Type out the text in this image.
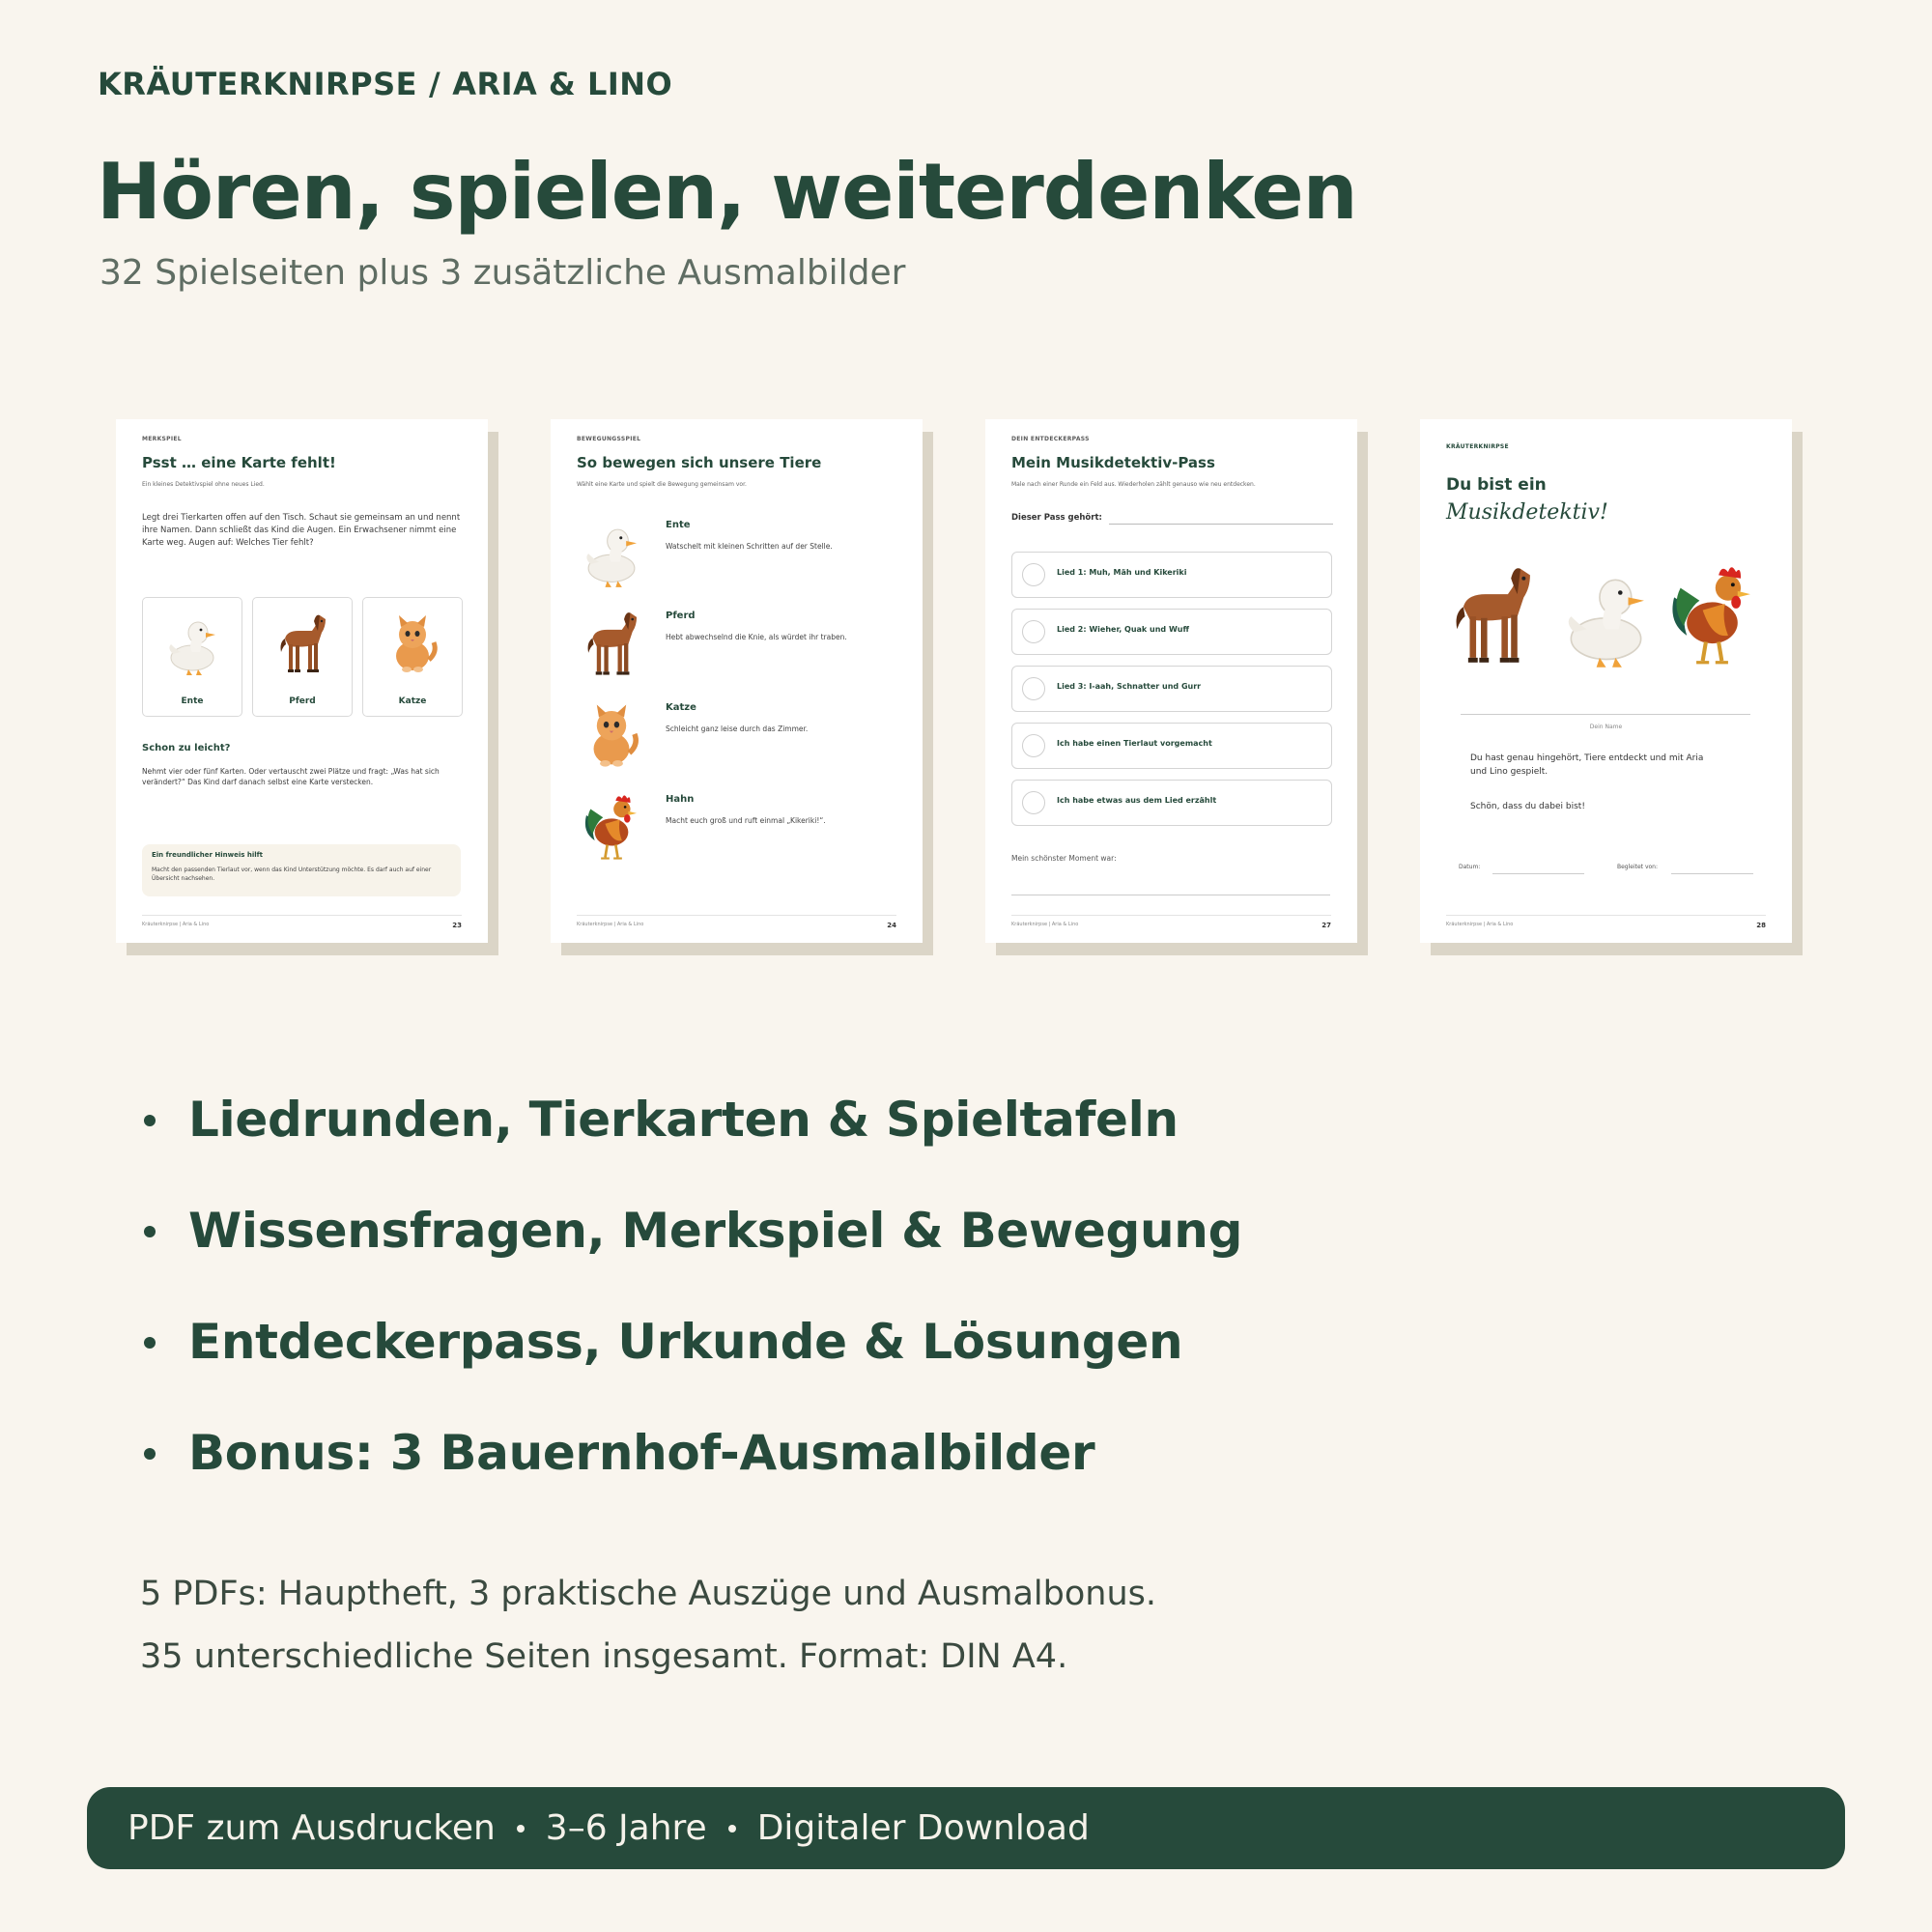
KRÄUTERKNIRPSE / ARIA & LINO
Hören, spielen, weiterdenken
32 Spielseiten plus 3 zusätzliche Ausmalbilder
MERKSPIEL
Psst … eine Karte fehlt!
Ein kleines Detektivspiel ohne neues Lied.
Legt drei Tierkarten offen auf den Tisch. Schaut sie gemeinsam an und nennt ihre Namen. Dann schließt das Kind die Augen. Ein Erwachsener nimmt eine Karte weg. Augen auf: Welches Tier fehlt?
Ente	Pferd	Katze
Schon zu leicht?
Nehmt vier oder fünf Karten. Oder vertauscht zwei Plätze und fragt: „Was hat sich verändert?“ Das Kind darf danach selbst eine Karte verstecken.
Ein freundlicher Hinweis hilft
Macht den passenden Tierlaut vor, wenn das Kind Unterstützung möchte. Es darf auch auf einer Übersicht nachsehen.
Kräuterknirpse | Aria & Lino	23
BEWEGUNGSSPIEL
So bewegen sich unsere Tiere
Wählt eine Karte und spielt die Bewegung gemeinsam vor.
Ente
Watschelt mit kleinen Schritten auf der Stelle.
Pferd
Hebt abwechselnd die Knie, als würdet ihr traben.
Katze
Schleicht ganz leise durch das Zimmer.
Hahn
Macht euch groß und ruft einmal „Kikeriki!“.
Kräuterknirpse | Aria & Lino	24
DEIN ENTDECKERPASS
Mein Musikdetektiv-Pass
Male nach einer Runde ein Feld aus. Wiederholen zählt genauso wie neu entdecken.
Dieser Pass gehört:
Lied 1: Muh, Mäh und Kikeriki
Lied 2: Wieher, Quak und Wuff
Lied 3: I-aah, Schnatter und Gurr
Ich habe einen Tierlaut vorgemacht
Ich habe etwas aus dem Lied erzählt
Mein schönster Moment war:
Kräuterknirpse | Aria & Lino	27
KRÄUTERKNIRPSE
Du bist ein
Musikdetektiv!
Dein Name
Du hast genau hingehört, Tiere entdeckt und mit Aria und Lino gespielt.
Schön, dass du dabei bist!
Datum:	Begleitet von:
Kräuterknirpse | Aria & Lino	28
Liedrunden, Tierkarten & Spieltafeln
Wissensfragen, Merkspiel & Bewegung
Entdeckerpass, Urkunde & Lösungen
Bonus: 3 Bauernhof-Ausmalbilder
5 PDFs: Hauptheft, 3 praktische Auszüge und Ausmalbonus.
35 unterschiedliche Seiten insgesamt. Format: DIN A4.
PDF zum Ausdrucken 3–6 Jahre Digitaler Download
